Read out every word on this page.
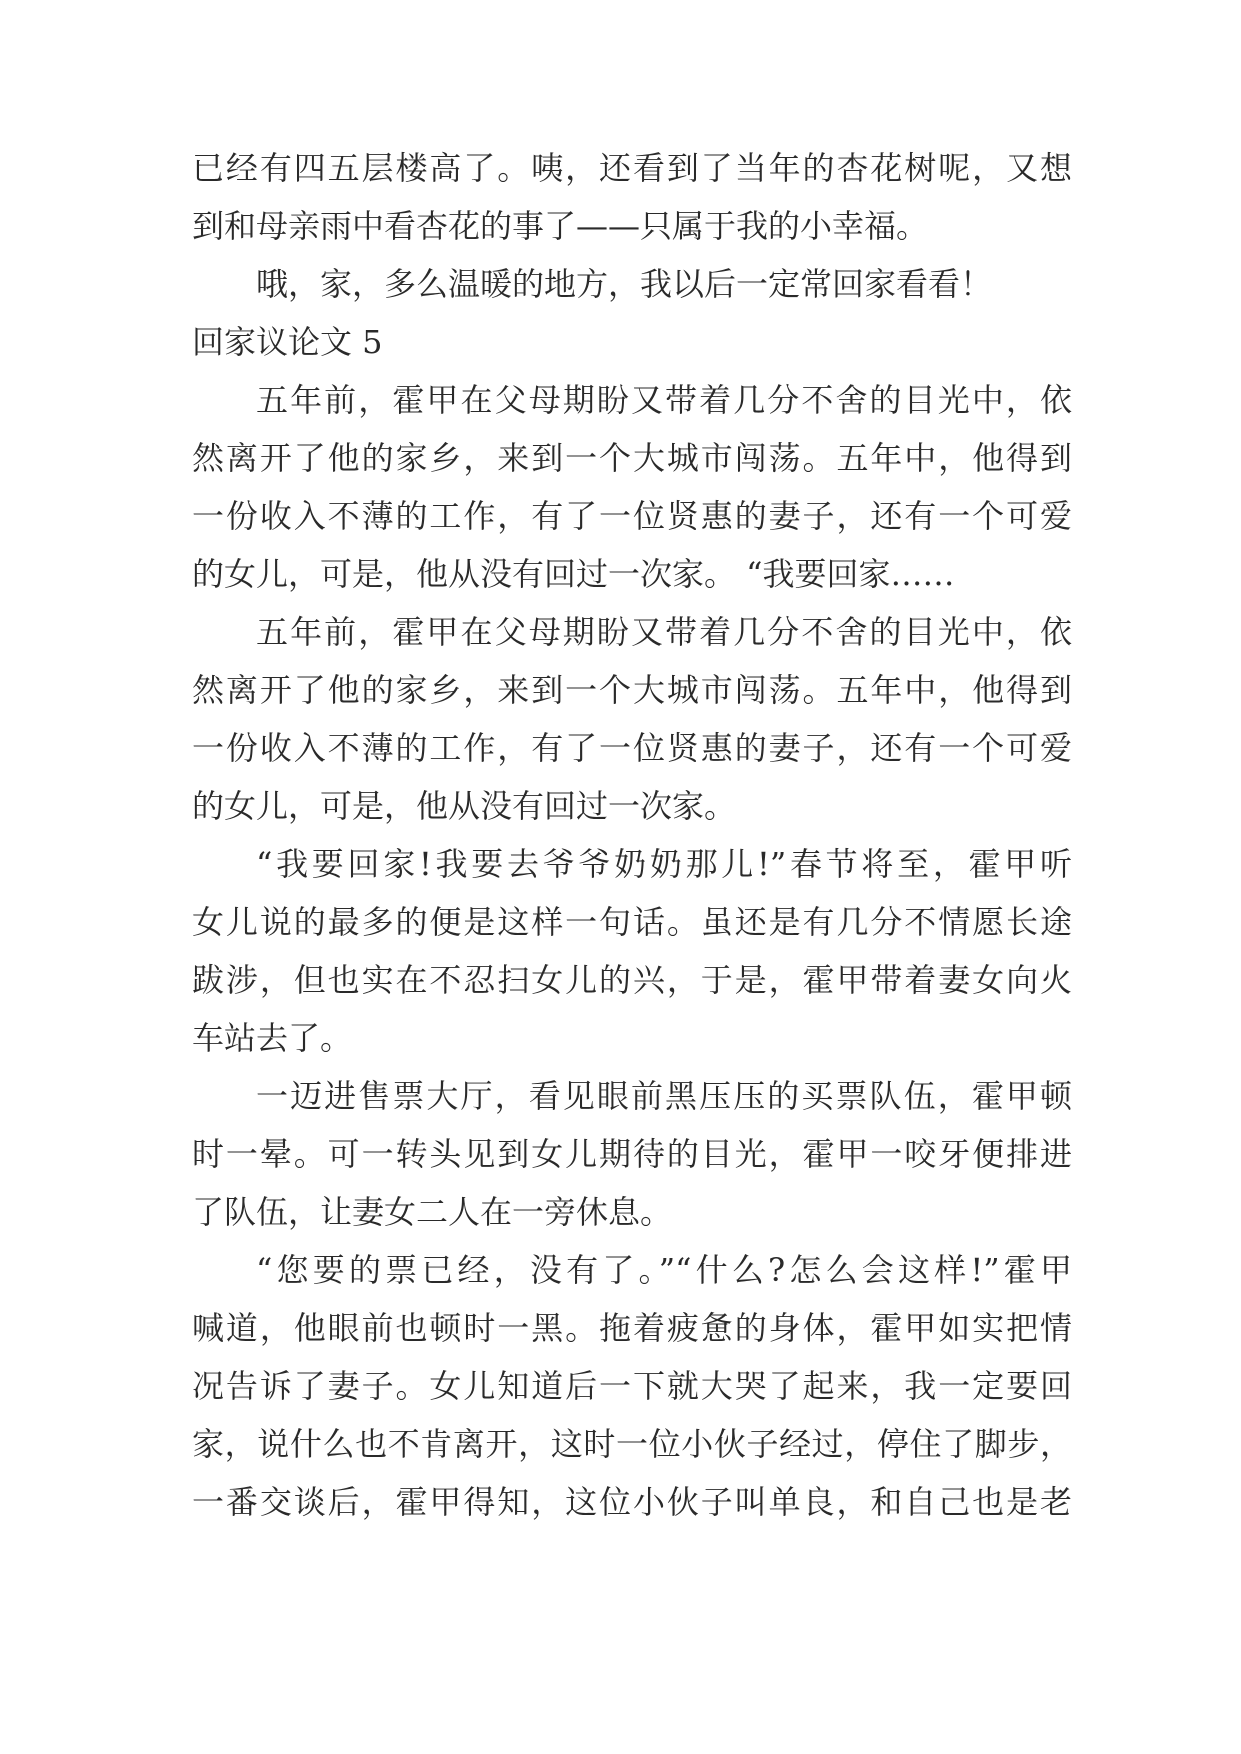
已经有四五层楼高了。咦，还看到了当年的杏花树呢，又想
到和母亲雨中看杏花的事了——只属于我的小幸福。
哦，家，多么温暖的地方，我以后一定常回家看看！
回家议论文 5
五年前，霍甲在父母期盼又带着几分不舍的目光中，依
然离开了他的家乡，来到一个大城市闯荡。五年中，他得到
一份收入不薄的工作，有了一位贤惠的妻子，还有一个可爱
的女儿，可是，他从没有回过一次家。 “我要回家……
五年前，霍甲在父母期盼又带着几分不舍的目光中，依
然离开了他的家乡，来到一个大城市闯荡。五年中，他得到
一份收入不薄的工作，有了一位贤惠的妻子，还有一个可爱
的女儿，可是，他从没有回过一次家。
“我要回家!我要去爷爷奶奶那儿!”春节将至，霍甲听
女儿说的最多的便是这样一句话。虽还是有几分不情愿长途
跋涉，但也实在不忍扫女儿的兴，于是，霍甲带着妻女向火
车站去了。
一迈进售票大厅，看见眼前黑压压的买票队伍，霍甲顿
时一晕。可一转头见到女儿期待的目光，霍甲一咬牙便排进
了队伍，让妻女二人在一旁休息。
“您要的票已经，没有了。”“什么?怎么会这样!”霍甲
喊道，他眼前也顿时一黑。拖着疲惫的身体，霍甲如实把情
况告诉了妻子。女儿知道后一下就大哭了起来，我一定要回
家，说什么也不肯离开，这时一位小伙子经过，停住了脚步，
一番交谈后，霍甲得知，这位小伙子叫单良，和自己也是老
